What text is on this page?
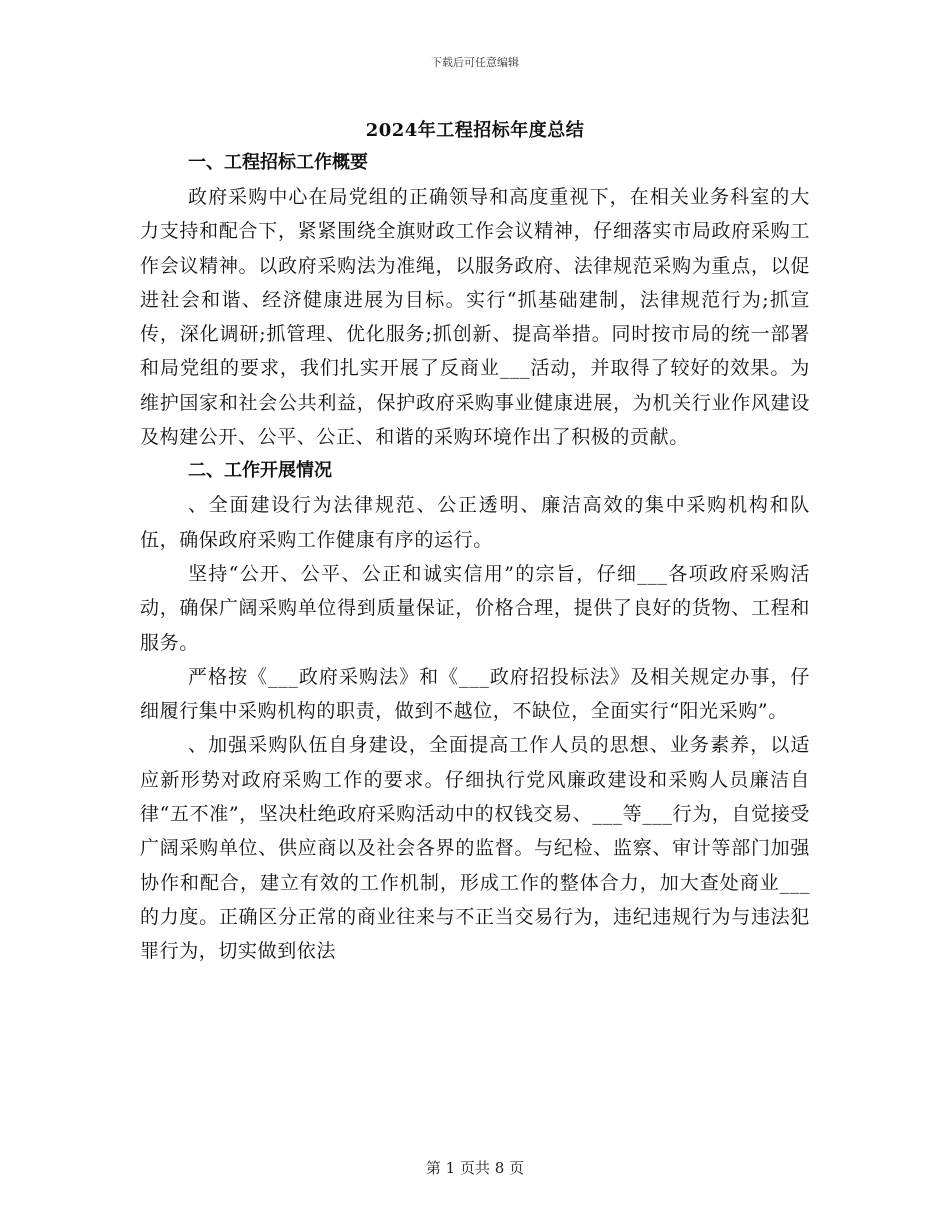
下载后可任意编辑
2024年工程招标年度总结
一、工程招标工作概要

政府采购中心在局党组的正确领导和高度重视下，在相关业务科室的大力支持和配合下，紧紧围绕全旗财政工作会议精神，仔细落实市局政府采购工作会议精神。以政府采购法为准绳，以服务政府、法律规范采购为重点，以促进社会和谐、经济健康进展为目标。实行“抓基础建制，法律规范行为;抓宣传，深化调研;抓管理、优化服务;抓创新、提高举措。同时按市局的统一部署和局党组的要求，我们扎实开展了反商业___活动，并取得了较好的效果。为维护国家和社会公共利益，保护政府采购事业健康进展，为机关行业作风建设及构建公开、公平、公正、和谐的采购环境作出了积极的贡献。

二、工作开展情况

、全面建设行为法律规范、公正透明、廉洁高效的集中采购机构和队伍，确保政府采购工作健康有序的运行。

坚持“公开、公平、公正和诚实信用”的宗旨，仔细___各项政府采购活动，确保广阔采购单位得到质量保证，价格合理，提供了良好的货物、工程和服务。

严格按《___政府采购法》和《___政府招投标法》及相关规定办事，仔细履行集中采购机构的职责，做到不越位，不缺位，全面实行“阳光采购”。

、加强采购队伍自身建设，全面提高工作人员的思想、业务素养，以适应新形势对政府采购工作的要求。仔细执行党风廉政建设和采购人员廉洁自律“五不准”，坚决杜绝政府采购活动中的权钱交易、___等___行为，自觉接受广阔采购单位、供应商以及社会各界的监督。与纪检、监察、审计等部门加强协作和配合，建立有效的工作机制，形成工作的整体合力，加大查处商业___的力度。正确区分正常的商业往来与不正当交易行为，违纪违规行为与违法犯罪行为，切实做到依法

第 1 页共 8 页
